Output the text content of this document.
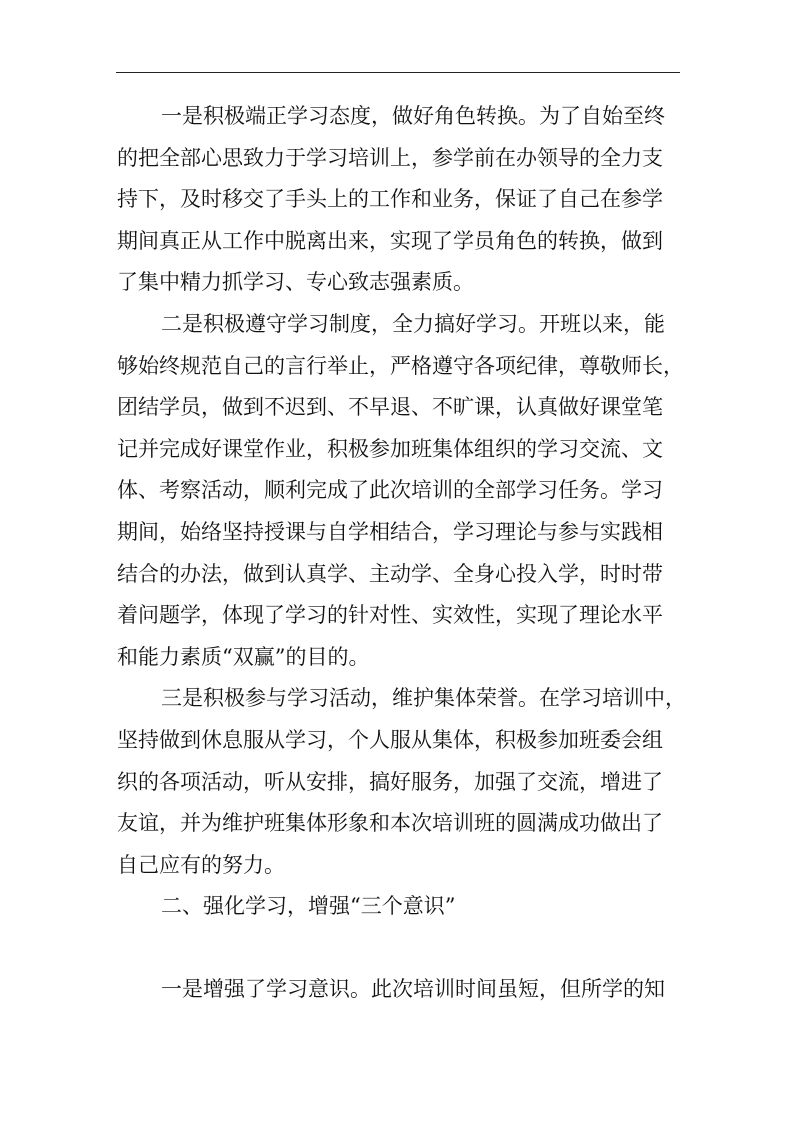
一是积极端正学习态度，做好角色转换。为了自始至终
的把全部心思致力于学习培训上，参学前在办领导的全力支
持下，及时移交了手头上的工作和业务，保证了自己在参学
期间真正从工作中脱离出来，实现了学员角色的转换，做到
了集中精力抓学习、专心致志强素质。
二是积极遵守学习制度，全力搞好学习。开班以来，能
够始终规范自己的言行举止，严格遵守各项纪律，尊敬师长，
团结学员，做到不迟到、不早退、不旷课，认真做好课堂笔
记并完成好课堂作业，积极参加班集体组织的学习交流、文
体、考察活动，顺利完成了此次培训的全部学习任务。学习
期间，始络坚持授课与自学相结合，学习理论与参与实践相
结合的办法，做到认真学、主动学、全身心投入学，时时带
着问题学，体现了学习的针对性、实效性，实现了理论水平
和能力素质“双赢”的目的。
三是积极参与学习活动，维护集体荣誉。在学习培训中，
坚持做到休息服从学习，个人服从集体，积极参加班委会组
织的各项活动，听从安排，搞好服务，加强了交流，增进了
友谊，并为维护班集体形象和本次培训班的圆满成功做出了
自己应有的努力。
二、强化学习，增强“三个意识”
一是增强了学习意识。此次培训时间虽短，但所学的知
